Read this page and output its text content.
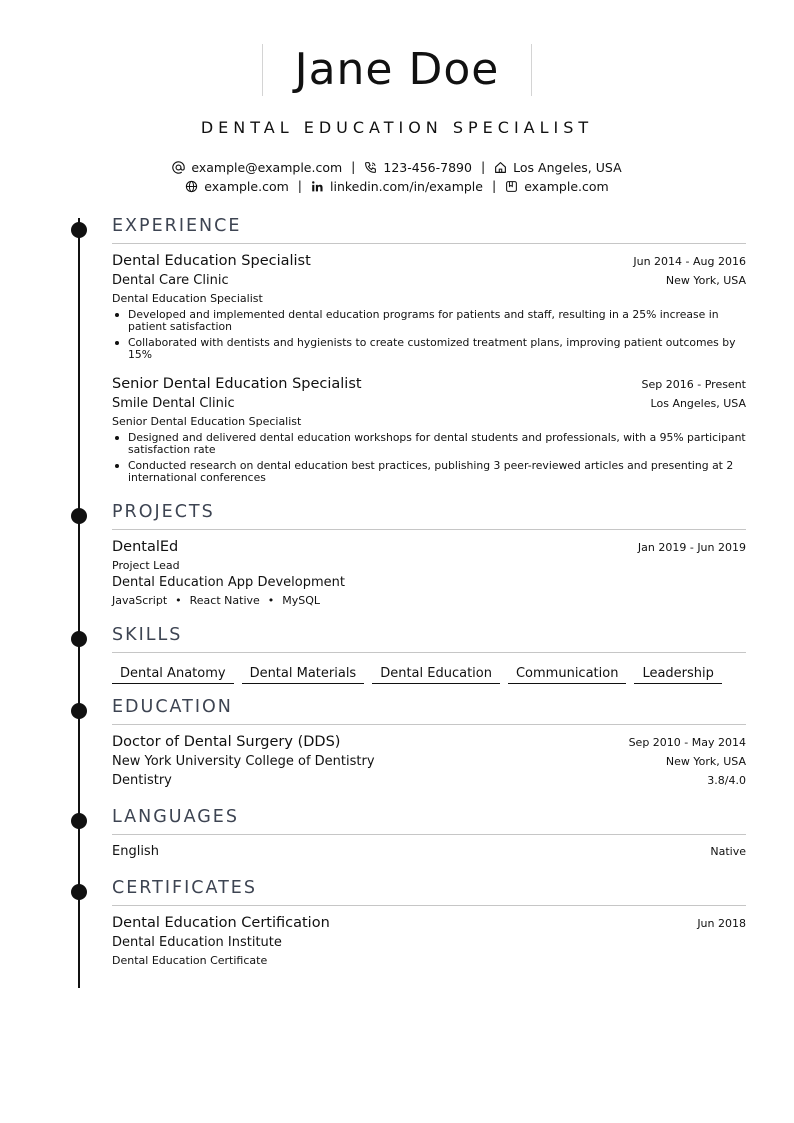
Jane Doe
DENTAL EDUCATION SPECIALIST
example@example.com | 123-456-7890 | Los Angeles, USA
example.com | linkedin.com/in/example | example.com
EXPERIENCE
Dental Education Specialist	Jun 2014 - Aug 2016
Dental Care Clinic	New York, USA
Dental Education Specialist
Developed and implemented dental education programs for patients and staff, resulting in a 25% increase in patient satisfaction
Collaborated with dentists and hygienists to create customized treatment plans, improving patient outcomes by 15%
Senior Dental Education Specialist	Sep 2016 - Present
Smile Dental Clinic	Los Angeles, USA
Senior Dental Education Specialist
Designed and delivered dental education workshops for dental students and professionals, with a 95% participant satisfaction rate
Conducted research on dental education best practices, publishing 3 peer-reviewed articles and presenting at 2 international conferences
PROJECTS
DentalEd	Jan 2019 - Jun 2019
Project Lead
Dental Education App Development
JavaScript • React Native • MySQL
SKILLS
Dental Anatomy Dental Materials Dental Education Communication Leadership
EDUCATION
Doctor of Dental Surgery (DDS)	Sep 2010 - May 2014
New York University College of Dentistry	New York, USA
Dentistry	3.8/4.0
LANGUAGES
English	Native
CERTIFICATES
Dental Education Certification	Jun 2018
Dental Education Institute
Dental Education Certificate
